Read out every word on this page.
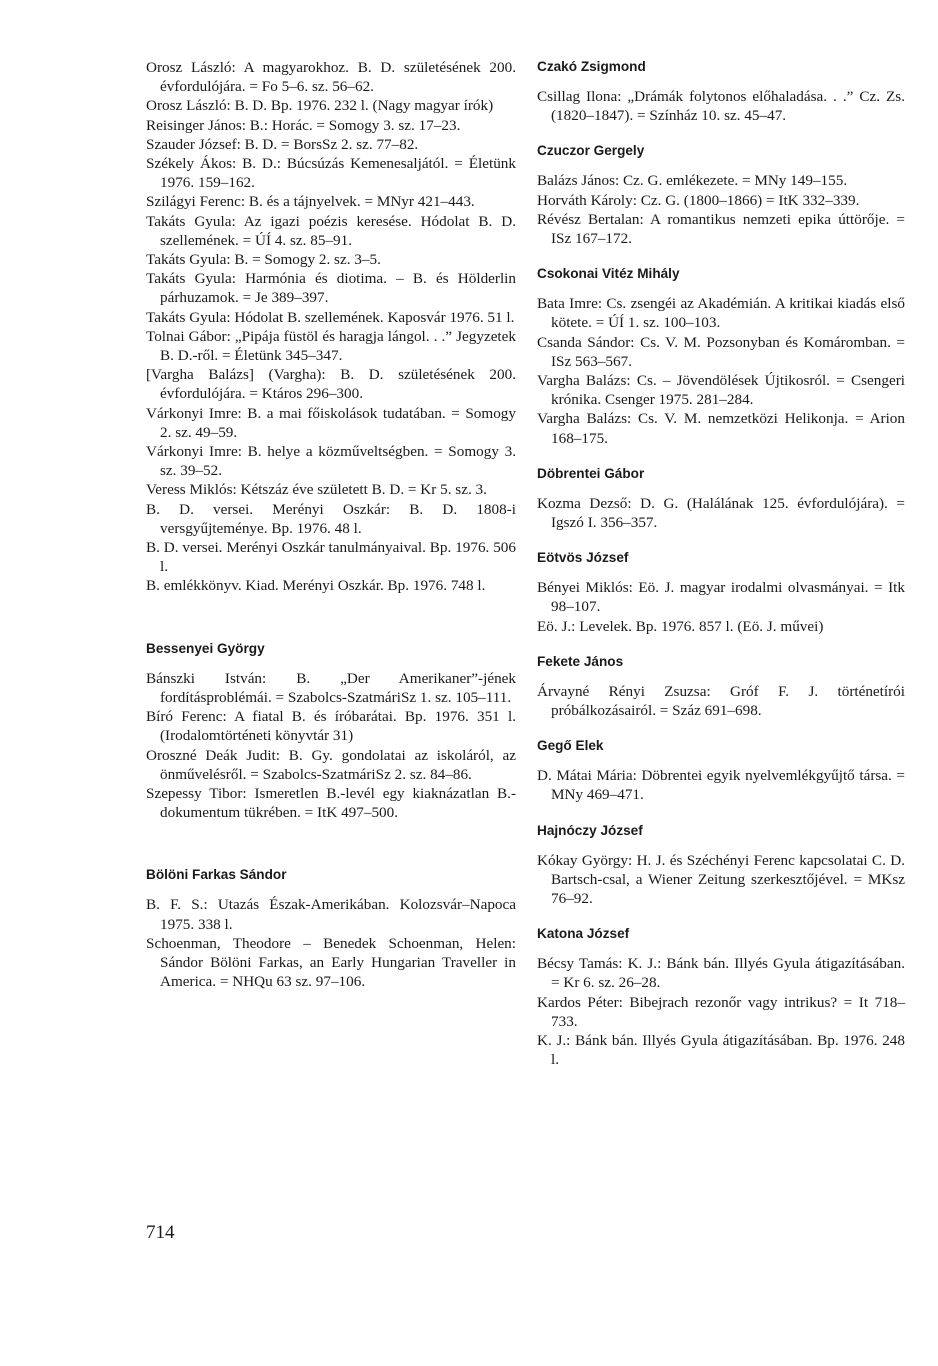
Orosz László: A magyarokhoz. B. D. születésének 200. évfordulójára. = Fo 5–6. sz. 56–62.

Orosz László: B. D. Bp. 1976. 232 l. (Nagy magyar írók)

Reisinger János: B.: Horác. = Somogy 3. sz. 17–23.

Szauder József: B. D. = BorsSz 2. sz. 77–82.

Székely Ákos: B. D.: Búcsúzás Kemenesaljától. = Életünk 1976. 159–162.

Szilágyi Ferenc: B. és a tájnyelvek. = MNyr 421–443.

Takáts Gyula: Az igazi poézis keresése. Hódolat B. D. szellemének. = ÚÍ 4. sz. 85–91.

Takáts Gyula: B. = Somogy 2. sz. 3–5.

Takáts Gyula: Harmónia és diotima. – B. és Hölderlin párhuzamok. = Je 389–397.

Takáts Gyula: Hódolat B. szellemének. Kaposvár 1976. 51 l.

Tolnai Gábor: „Pipája füstöl és haragja lángol. . .” Jegyzetek B. D.-ről. = Életünk 345–347.

[Vargha Balázs] (Vargha): B. D. születésének 200. évfordulójára. = Ktáros 296–300.

Várkonyi Imre: B. a mai főiskolások tudatában. = Somogy 2. sz. 49–59.

Várkonyi Imre: B. helye a közműveltségben. = Somogy 3. sz. 39–52.

Veress Miklós: Kétszáz éve született B. D. = Kr 5. sz. 3.

B. D. versei. Merényi Oszkár: B. D. 1808-i versgyűjteménye. Bp. 1976. 48 l.

B. D. versei. Merényi Oszkár tanulmányaival. Bp. 1976. 506 l.

B. emlékkönyv. Kiad. Merényi Oszkár. Bp. 1976. 748 l.

Bessenyei György

Bánszki István: B. „Der Amerikaner”-jének fordításproblémái. = Szabolcs-SzatmáriSz 1. sz. 105–111.

Bíró Ferenc: A fiatal B. és íróbarátai. Bp. 1976. 351 l. (Irodalomtörténeti könyvtár 31)

Oroszné Deák Judit: B. Gy. gondolatai az iskoláról, az önművelésről. = Szabolcs-SzatmáriSz 2. sz. 84–86.

Szepessy Tibor: Ismeretlen B.-levél egy kiaknázatlan B.-dokumentum tükrében. = ItK 497–500.

Bölöni Farkas Sándor

B. F. S.: Utazás Észak-Amerikában. Kolozsvár–Napoca 1975. 338 l.

Schoenman, Theodore – Benedek Schoenman, Helen: Sándor Bölöni Farkas, an Early Hungarian Traveller in America. = NHQu 63 sz. 97–106.

Czakó Zsigmond

Csillag Ilona: „Drámák folytonos előhaladása. . .” Cz. Zs. (1820–1847). = Színház 10. sz. 45–47.

Czuczor Gergely

Balázs János: Cz. G. emlékezete. = MNy 149–155.

Horváth Károly: Cz. G. (1800–1866) = ItK 332–339.

Révész Bertalan: A romantikus nemzeti epika úttörője. = ISz 167–172.

Csokonai Vitéz Mihály

Bata Imre: Cs. zsengéi az Akadémián. A kritikai kiadás első kötete. = ÚÍ 1. sz. 100–103.

Csanda Sándor: Cs. V. M. Pozsonyban és Komáromban. = ISz 563–567.

Vargha Balázs: Cs. – Jövendölések Újtikosról. = Csengeri krónika. Csenger 1975. 281–284.

Vargha Balázs: Cs. V. M. nemzetközi Helikonja. = Arion 168–175.

Döbrentei Gábor

Kozma Dezső: D. G. (Halálának 125. évfordulójára). = Igszó I. 356–357.

Eötvös József

Bényei Miklós: Eö. J. magyar irodalmi olvasmányai. = Itk 98–107.

Eö. J.: Levelek. Bp. 1976. 857 l. (Eö. J. művei)

Fekete János

Árvayné Rényi Zsuzsa: Gróf F. J. történetírói próbálkozásairól. = Száz 691–698.

Gegő Elek

D. Mátai Mária: Döbrentei egyik nyelvemlékgyűjtő társa. = MNy 469–471.

Hajnóczy József

Kókay György: H. J. és Széchényi Ferenc kapcsolatai C. D. Bartsch-csal, a Wiener Zeitung szerkesztőjével. = MKsz 76–92.

Katona József

Bécsy Tamás: K. J.: Bánk bán. Illyés Gyula átigazításában. = Kr 6. sz. 26–28.

Kardos Péter: Bibejrach rezonőr vagy intrikus? = It 718–733.

K. J.: Bánk bán. Illyés Gyula átigazításában. Bp. 1976. 248 l.

714
